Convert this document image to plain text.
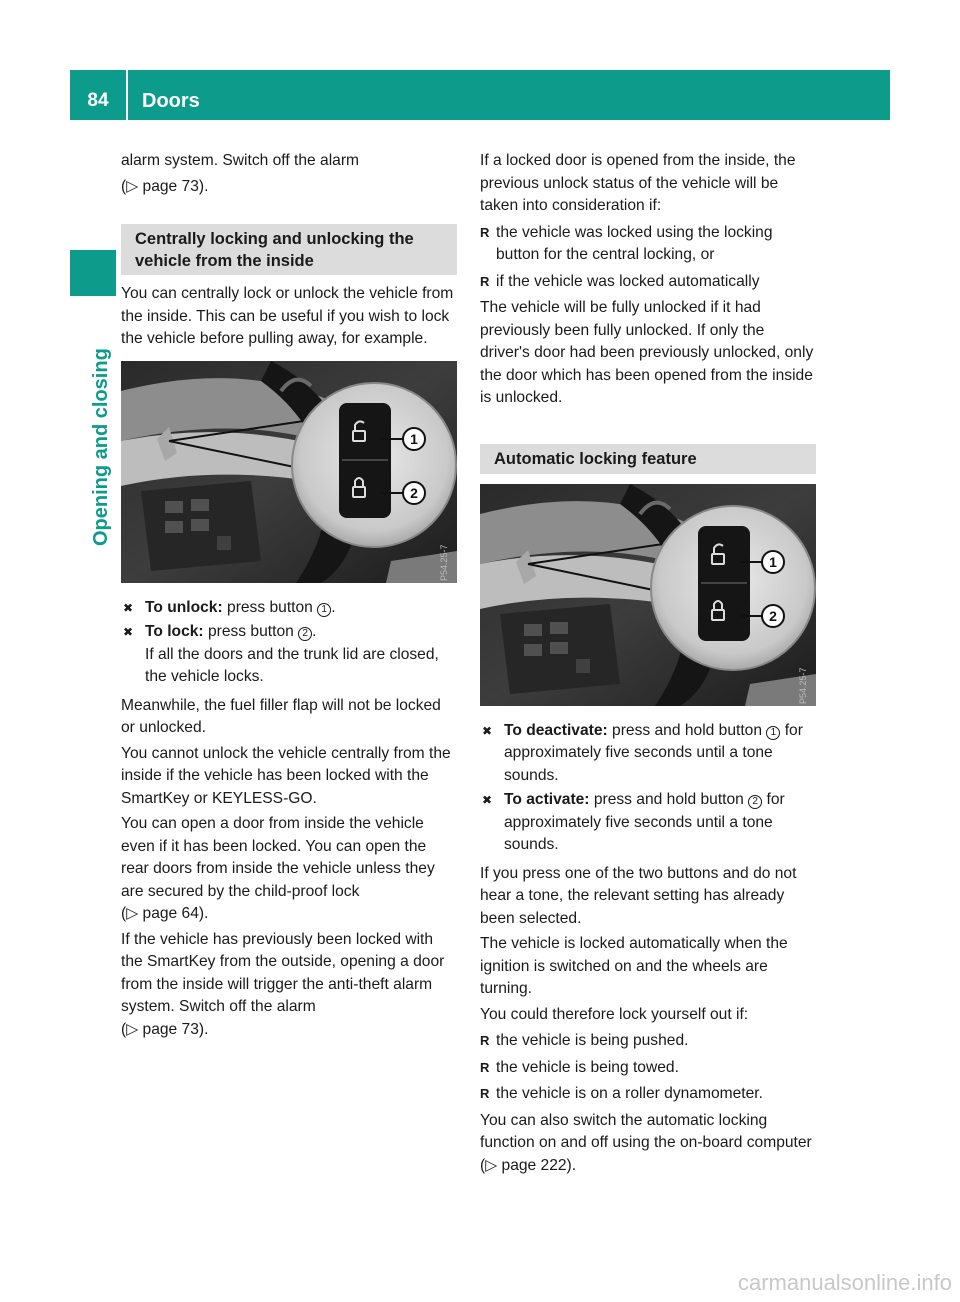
84	Doors
Opening and closing

alarm system. Switch off the alarm

(▷ page 73).

Centrally locking and unlocking the
vehicle from the inside

You can centrally lock or unlock the vehicle from the inside. This can be useful if you wish to lock the vehicle before pulling away, for example.

1
2
P54.25-7
✖ To unlock: press button 1 .
✖ To lock: press button 2 .
If all the doors and the trunk lid are closed, the vehicle locks.

Meanwhile, the fuel filler flap will not be locked or unlocked.

You cannot unlock the vehicle centrally from the inside if the vehicle has been locked with the SmartKey or KEYLESS-GO.

You can open a door from inside the vehicle even if it has been locked. You can open the rear doors from inside the vehicle unless they are secured by the child-proof lock
(▷ page 64).

If the vehicle has previously been locked with the SmartKey from the outside, opening a door from the inside will trigger the anti-theft alarm system. Switch off the alarm
(▷ page 73).

If a locked door is opened from the inside, the previous unlock status of the vehicle will be taken into consideration if:

R the vehicle was locked using the locking button for the central locking, or
R if the vehicle was locked automatically

The vehicle will be fully unlocked if it had previously been fully unlocked. If only the driver's door had been previously unlocked, only the door which has been opened from the inside is unlocked.

Automatic locking feature
1
2
P54.25-7
✖ To deactivate: press and hold button 1 for approximately five seconds until a tone sounds.
✖ To activate: press and hold button 2 for approximately five seconds until a tone sounds.

If you press one of the two buttons and do not hear a tone, the relevant setting has already been selected.

The vehicle is locked automatically when the ignition is switched on and the wheels are turning.

You could therefore lock yourself out if:

R the vehicle is being pushed.
R the vehicle is being towed.
R the vehicle is on a roller dynamometer.

You can also switch the automatic locking function on and off using the on-board computer (▷ page 222).

carmanualsonline.info
